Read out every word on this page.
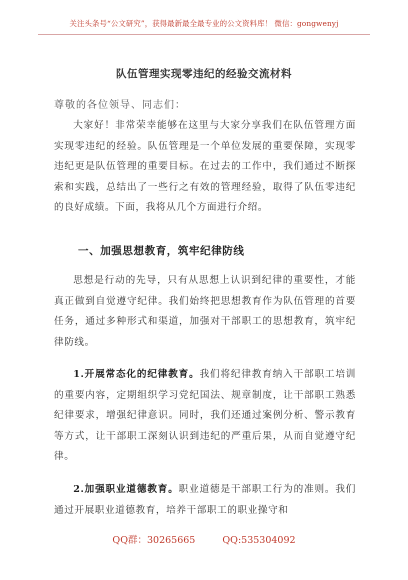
关注头条号“公文研究”，获得最新最全最专业的公文资料库！ 微信：gongwenyj
队伍管理实现零违纪的经验交流材料
尊敬的各位领导、同志们：

大家好！非常荣幸能够在这里与大家分享我们在队伍管理方面实现零违纪的经验。队伍管理是一个单位发展的重要保障，实现零违纪更是队伍管理的重要目标。在过去的工作中，我们通过不断探索和实践，总结出了一些行之有效的管理经验，取得了队伍零违纪的良好成绩。下面，我将从几个方面进行介绍。

一、加强思想教育，筑牢纪律防线

思想是行动的先导，只有从思想上认识到纪律的重要性，才能真正做到自觉遵守纪律。我们始终把思想教育作为队伍管理的首要任务，通过多种形式和渠道，加强对干部职工的思想教育，筑牢纪律防线。

1.开展常态化的纪律教育。我们将纪律教育纳入干部职工培训的重要内容，定期组织学习党纪国法、规章制度，让干部职工熟悉纪律要求，增强纪律意识。同时，我们还通过案例分析、警示教育等方式，让干部职工深刻认识到违纪的严重后果，从而自觉遵守纪律。

2.加强职业道德教育。职业道德是干部职工行为的准则。我们通过开展职业道德教育，培养干部职工的职业操守和

QQ群：30265665	QQ:535304092
